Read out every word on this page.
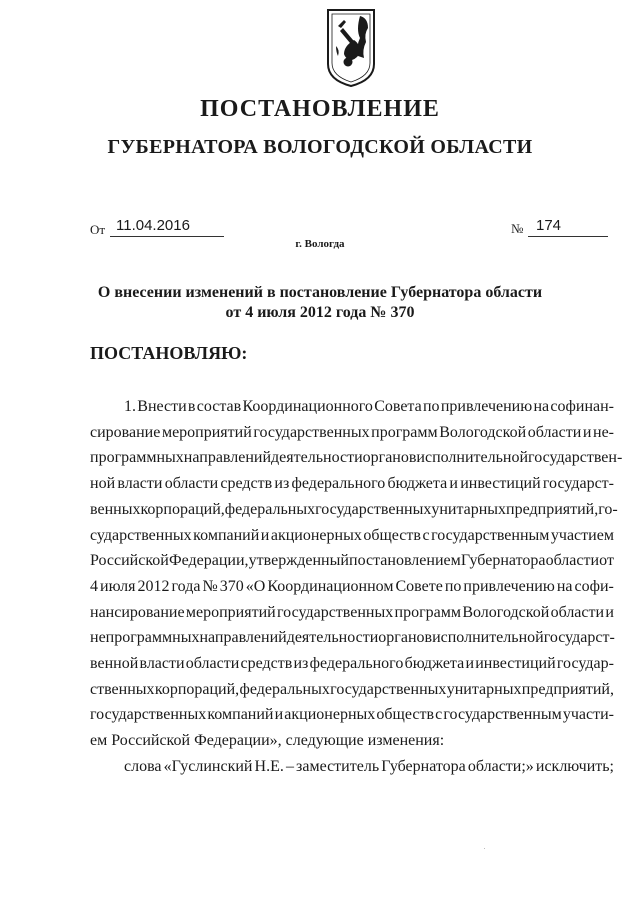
ПОСТАНОВЛЕНИЕ
ГУБЕРНАТОРА ВОЛОГОДСКОЙ ОБЛАСТИ
От 11.04.2016	№ 174
г. Вологда
О внесении изменений в постановление Губернатора области
от 4 июля 2012 года № 370
ПОСТАНОВЛЯЮ:
1. Внести в состав Координационного Совета по привлечению на софинан-
сирование мероприятий государственных программ Вологодской области и не-
программных направлений деятельности органов исполнительной государствен-
ной власти области средств из федерального бюджета и инвестиций государст-
венных корпораций, федеральных государственных унитарных предприятий, го-
сударственных компаний и акционерных обществ с государственным участием
Российской Федерации, утвержденный постановлением Губернатора области от
4 июля 2012 года № 370 «О Координационном Совете по привлечению на софи-
нансирование мероприятий государственных программ Вологодской области и
непрограммных направлений деятельности органов исполнительной государст-
венной власти области средств из федерального бюджета и инвестиций государ-
ственных корпораций, федеральных государственных унитарных предприятий,
государственных компаний и акционерных обществ с государственным участи-
ем Российской Федерации», следующие изменения:
слова «Гуслинский Н.Е. – заместитель Губернатора области;» исключить;
